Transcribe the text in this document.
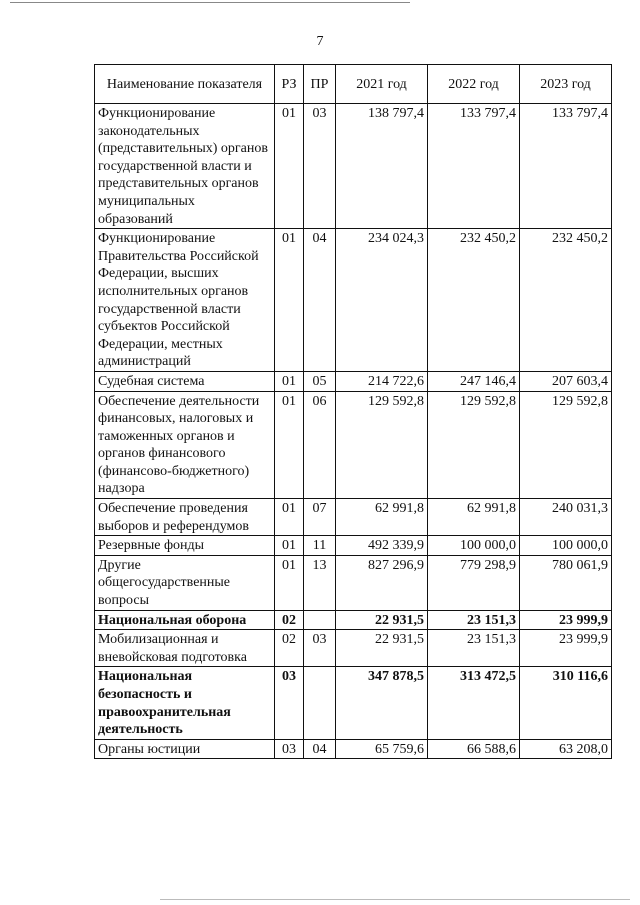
7
Наименование показателя	РЗ	ПР	2021 год	2022 год	2023 год
Функционирование законодательных (представительных) органов государственной власти и представительных органов муниципальных образований	01	03	138 797,4	133 797,4	133 797,4
Функционирование Правительства Российской Федерации, высших исполнительных органов государственной власти субъектов Российской Федерации, местных администраций	01	04	234 024,3	232 450,2	232 450,2
Судебная система	01	05	214 722,6	247 146,4	207 603,4
Обеспечение деятельности финансовых, налоговых и таможенных органов и органов финансового (финансово-бюджетного) надзора	01	06	129 592,8	129 592,8	129 592,8
Обеспечение проведения выборов и референдумов	01	07	62 991,8	62 991,8	240 031,3
Резервные фонды	01	11	492 339,9	100 000,0	100 000,0
Другие общегосударственные вопросы	01	13	827 296,9	779 298,9	780 061,9
Национальная оборона	02		22 931,5	23 151,3	23 999,9
Мобилизационная и вневойсковая подготовка	02	03	22 931,5	23 151,3	23 999,9
Национальная безопасность и правоохранительная деятельность	03		347 878,5	313 472,5	310 116,6
Органы юстиции	03	04	65 759,6	66 588,6	63 208,0
